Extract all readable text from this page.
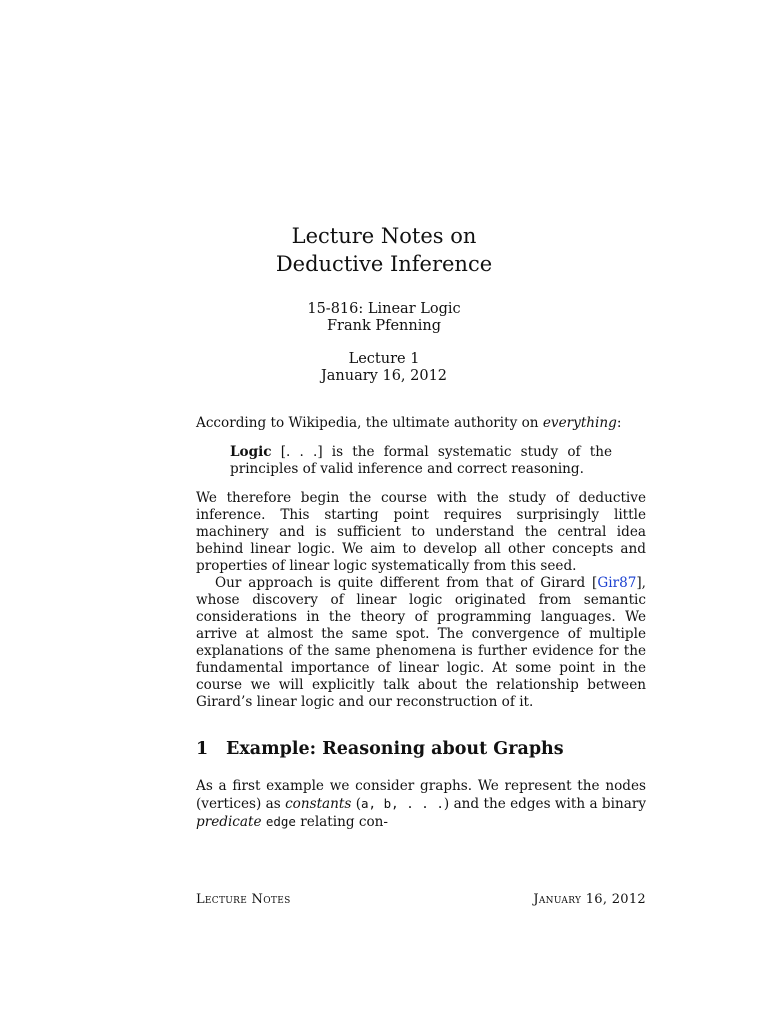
Lecture Notes on
Deductive Inference
15-816: Linear Logic
Frank Pfenning
Lecture 1
January 16, 2012

According to Wikipedia, the ultimate authority on everything:

Logic [. . .] is the formal systematic study of the principles of valid inference and correct reasoning.

We therefore begin the course with the study of deductive inference. This starting point requires surprisingly little machinery and is sufficient to understand the central idea behind linear logic. We aim to develop all other concepts and properties of linear logic systematically from this seed.

Our approach is quite different from that of Girard [Gir87], whose discovery of linear logic originated from semantic considerations in the theory of programming languages. We arrive at almost the same spot. The convergence of multiple explanations of the same phenomena is further evidence for the fundamental importance of linear logic. At some point in the course we will explicitly talk about the relationship between Girard’s linear logic and our reconstruction of it.

1 Example: Reasoning about Graphs

As a first example we consider graphs. We represent the nodes (vertices) as constants (a, b, . . .) and the edges with a binary predicate edge relating con-

Lecture Notes	January 16, 2012
